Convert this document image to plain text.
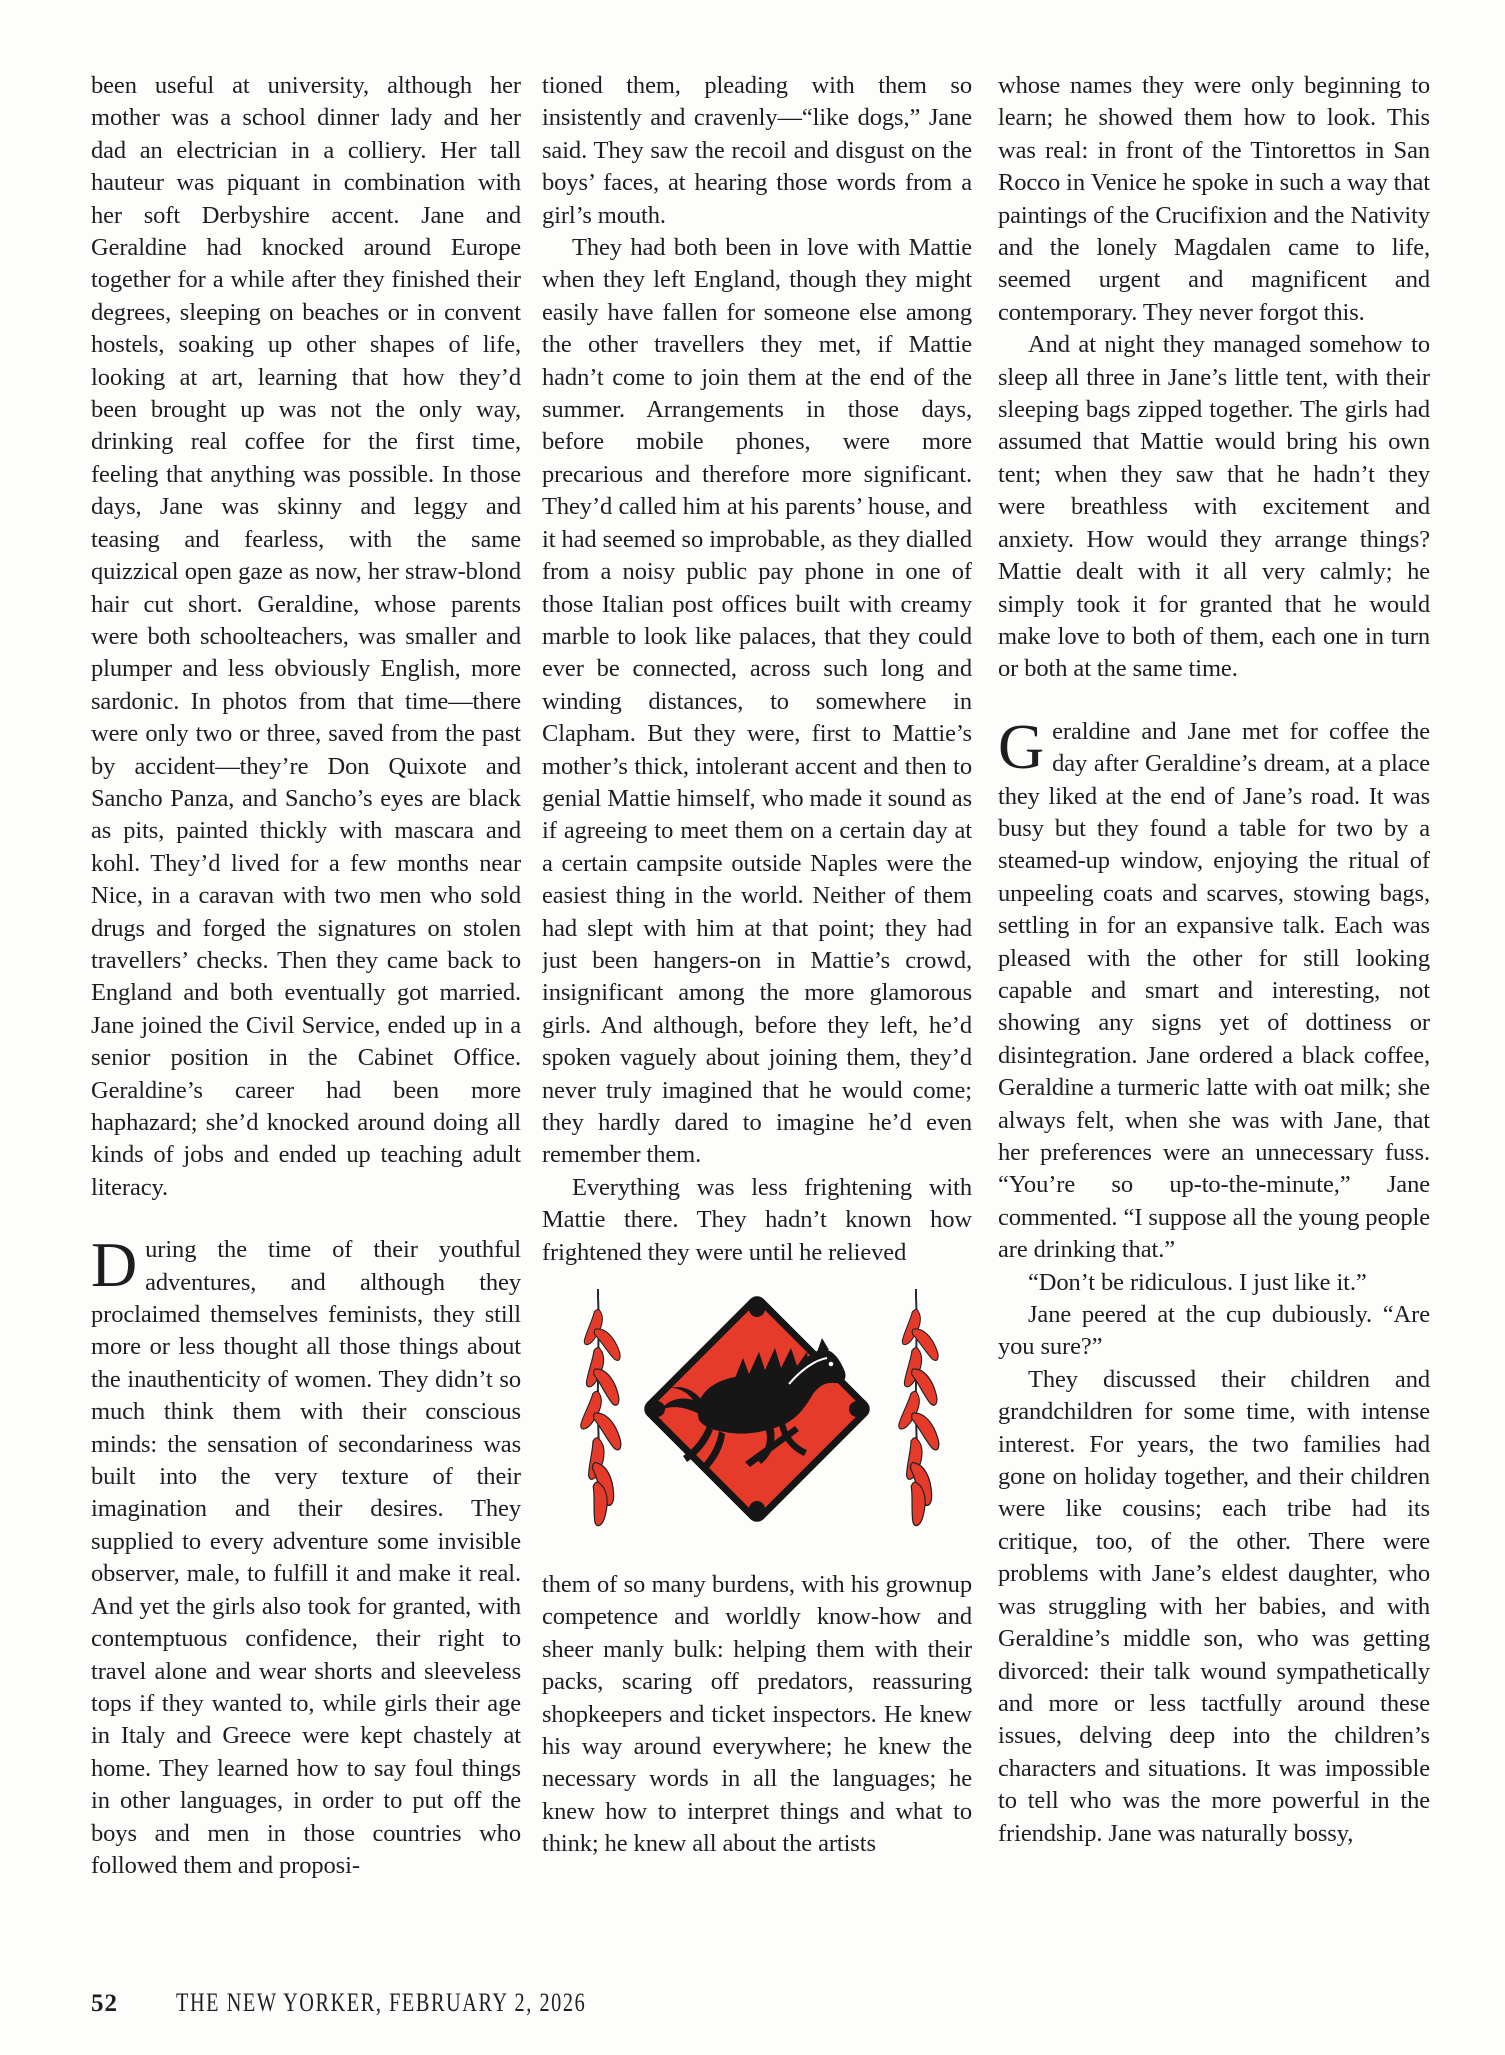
been useful at university, although her mother was a school dinner lady and her dad an electrician in a colliery. Her tall hauteur was piquant in combination with her soft Derbyshire accent. Jane and Geraldine had knocked around Europe together for a while after they finished their degrees, sleeping on beaches or in convent hostels, soaking up other shapes of life, looking at art, learning that how they’d been brought up was not the only way, drinking real coffee for the first time, feeling that anything was possible. In those days, Jane was skinny and leggy and teasing and fearless, with the same quizzical open gaze as now, her straw-blond hair cut short. Geraldine, whose parents were both schoolteachers, was smaller and plumper and less obviously English, more sardonic. In photos from that time—there were only two or three, saved from the past by accident—they’re Don Quixote and Sancho Panza, and Sancho’s eyes are black as pits, painted thickly with mascara and kohl. They’d lived for a few months near Nice, in a caravan with two men who sold drugs and forged the signatures on stolen travellers’ checks. Then they came back to England and both eventually got married. Jane joined the Civil Service, ended up in a senior position in the Cabinet Office. Geraldine’s career had been more haphazard; she’d knocked around doing all kinds of jobs and ended up teaching adult literacy.

During the time of their youthful adventures, and although they proclaimed themselves feminists, they still more or less thought all those things about the inauthenticity of women. They didn’t so much think them with their conscious minds: the sensation of secondariness was built into the very texture of their imagination and their desires. They supplied to every adventure some invisible observer, male, to fulfill it and make it real. And yet the girls also took for granted, with contemptuous confidence, their right to travel alone and wear shorts and sleeveless tops if they wanted to, while girls their age in Italy and Greece were kept chastely at home. They learned how to say foul things in other languages, in order to put off the boys and men in those countries who followed them and proposi-

tioned them, pleading with them so insistently and cravenly—“like dogs,” Jane said. They saw the recoil and disgust on the boys’ faces, at hearing those words from a girl’s mouth.

They had both been in love with Mattie when they left England, though they might easily have fallen for someone else among the other travellers they met, if Mattie hadn’t come to join them at the end of the summer. Arrangements in those days, before mobile phones, were more precarious and therefore more significant. They’d called him at his parents’ house, and it had seemed so improbable, as they dialled from a noisy public pay phone in one of those Italian post offices built with creamy marble to look like palaces, that they could ever be connected, across such long and winding distances, to somewhere in Clapham. But they were, first to Mattie’s mother’s thick, intolerant accent and then to genial Mattie himself, who made it sound as if agreeing to meet them on a certain day at a certain campsite outside Naples were the easiest thing in the world. Neither of them had slept with him at that point; they had just been hangers-on in Mattie’s crowd, insignificant among the more glamorous girls. And although, before they left, he’d spoken vaguely about joining them, they’d never truly imagined that he would come; they hardly dared to imagine he’d even remember them.

Everything was less frightening with Mattie there. They hadn’t known how frightened they were until he relieved

them of so many burdens, with his grownup competence and worldly know-how and sheer manly bulk: helping them with their packs, scaring off predators, reassuring shopkeepers and ticket inspectors. He knew his way around everywhere; he knew the necessary words in all the languages; he knew how to interpret things and what to think; he knew all about the artists

whose names they were only beginning to learn; he showed them how to look. This was real: in front of the Tintorettos in San Rocco in Venice he spoke in such a way that paintings of the Crucifixion and the Nativity and the lonely Magdalen came to life, seemed urgent and magnificent and contemporary. They never forgot this.

And at night they managed somehow to sleep all three in Jane’s little tent, with their sleeping bags zipped together. The girls had assumed that Mattie would bring his own tent; when they saw that he hadn’t they were breathless with excitement and anxiety. How would they arrange things? Mattie dealt with it all very calmly; he simply took it for granted that he would make love to both of them, each one in turn or both at the same time.

Geraldine and Jane met for coffee the day after Geraldine’s dream, at a place they liked at the end of Jane’s road. It was busy but they found a table for two by a steamed-up window, enjoying the ritual of unpeeling coats and scarves, stowing bags, settling in for an expansive talk. Each was pleased with the other for still looking capable and smart and interesting, not showing any signs yet of dottiness or disintegration. Jane ordered a black coffee, Geraldine a turmeric latte with oat milk; she always felt, when she was with Jane, that her preferences were an unnecessary fuss. “You’re so up-to-the-minute,” Jane commented. “I suppose all the young people are drinking that.”

“Don’t be ridiculous. I just like it.”

Jane peered at the cup dubiously. “Are you sure?”

They discussed their children and grandchildren for some time, with intense interest. For years, the two families had gone on holiday together, and their children were like cousins; each tribe had its critique, too, of the other. There were problems with Jane’s eldest daughter, who was struggling with her babies, and with Geraldine’s middle son, who was getting divorced: their talk wound sympathetically and more or less tactfully around these issues, delving deep into the children’s characters and situations. It was impossible to tell who was the more powerful in the friendship. Jane was naturally bossy,

52 THE NEW YORKER, FEBRUARY 2, 2026
